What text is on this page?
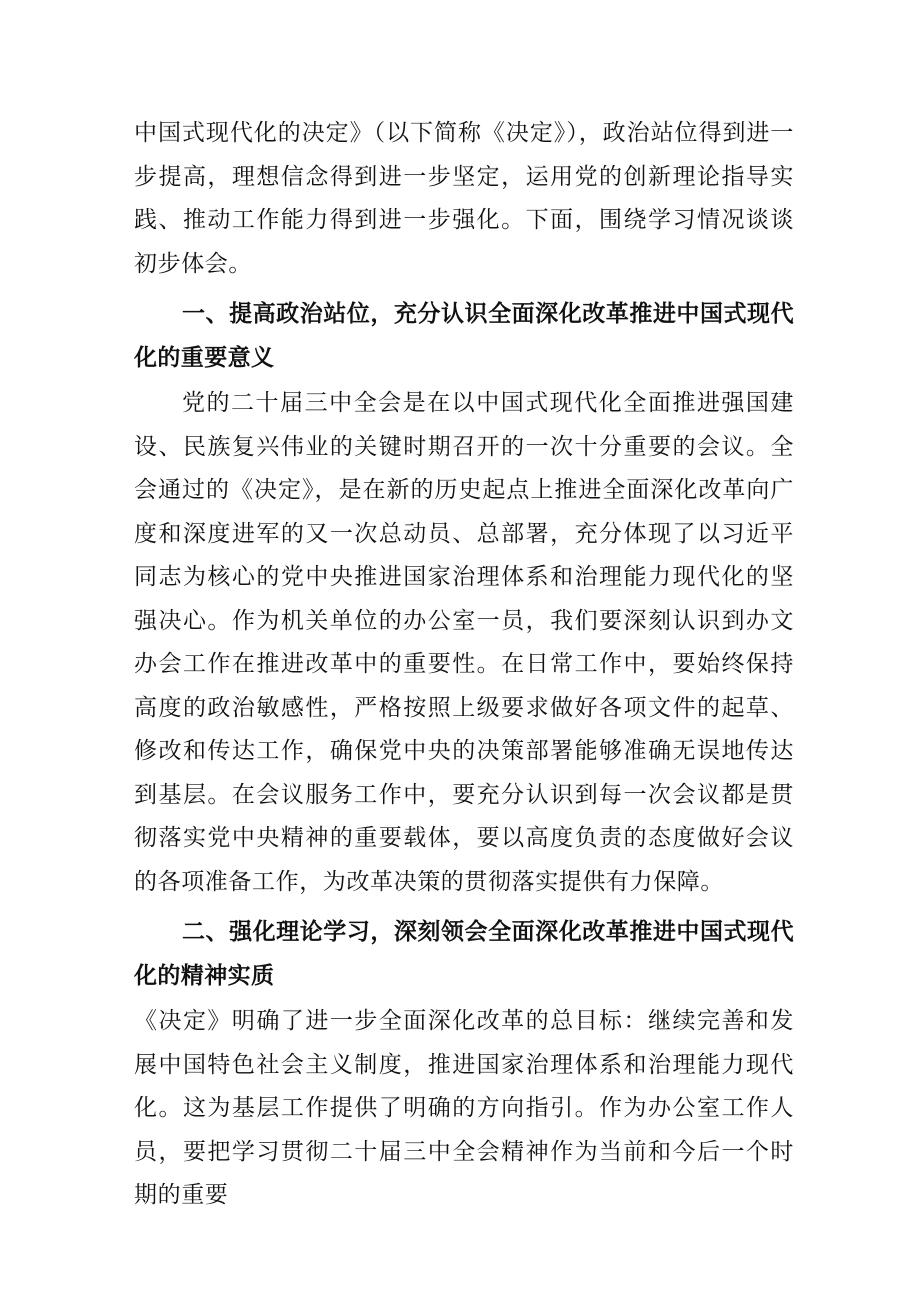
中国式现代化的决定》（以下简称《决定》），政治站位得到进一步提高，理想信念得到进一步坚定，运用党的创新理论指导实践、推动工作能力得到进一步强化。下面，围绕学习情况谈谈初步体会。

一、提高政治站位，充分认识全面深化改革推进中国式现代化的重要意义

党的二十届三中全会是在以中国式现代化全面推进强国建设、民族复兴伟业的关键时期召开的一次十分重要的会议。全会通过的《决定》，是在新的历史起点上推进全面深化改革向广度和深度进军的又一次总动员、总部署，充分体现了以习近平同志为核心的党中央推进国家治理体系和治理能力现代化的坚强决心。作为机关单位的办公室一员，我们要深刻认识到办文办会工作在推进改革中的重要性。在日常工作中，要始终保持高度的政治敏感性，严格按照上级要求做好各项文件的起草、修改和传达工作，确保党中央的决策部署能够准确无误地传达到基层。在会议服务工作中，要充分认识到每一次会议都是贯彻落实党中央精神的重要载体，要以高度负责的态度做好会议的各项准备工作，为改革决策的贯彻落实提供有力保障。

二、强化理论学习，深刻领会全面深化改革推进中国式现代化的精神实质

《决定》明确了进一步全面深化改革的总目标：继续完善和发展中国特色社会主义制度，推进国家治理体系和治理能力现代化。这为基层工作提供了明确的方向指引。作为办公室工作人员，要把学习贯彻二十届三中全会精神作为当前和今后一个时期的重要
